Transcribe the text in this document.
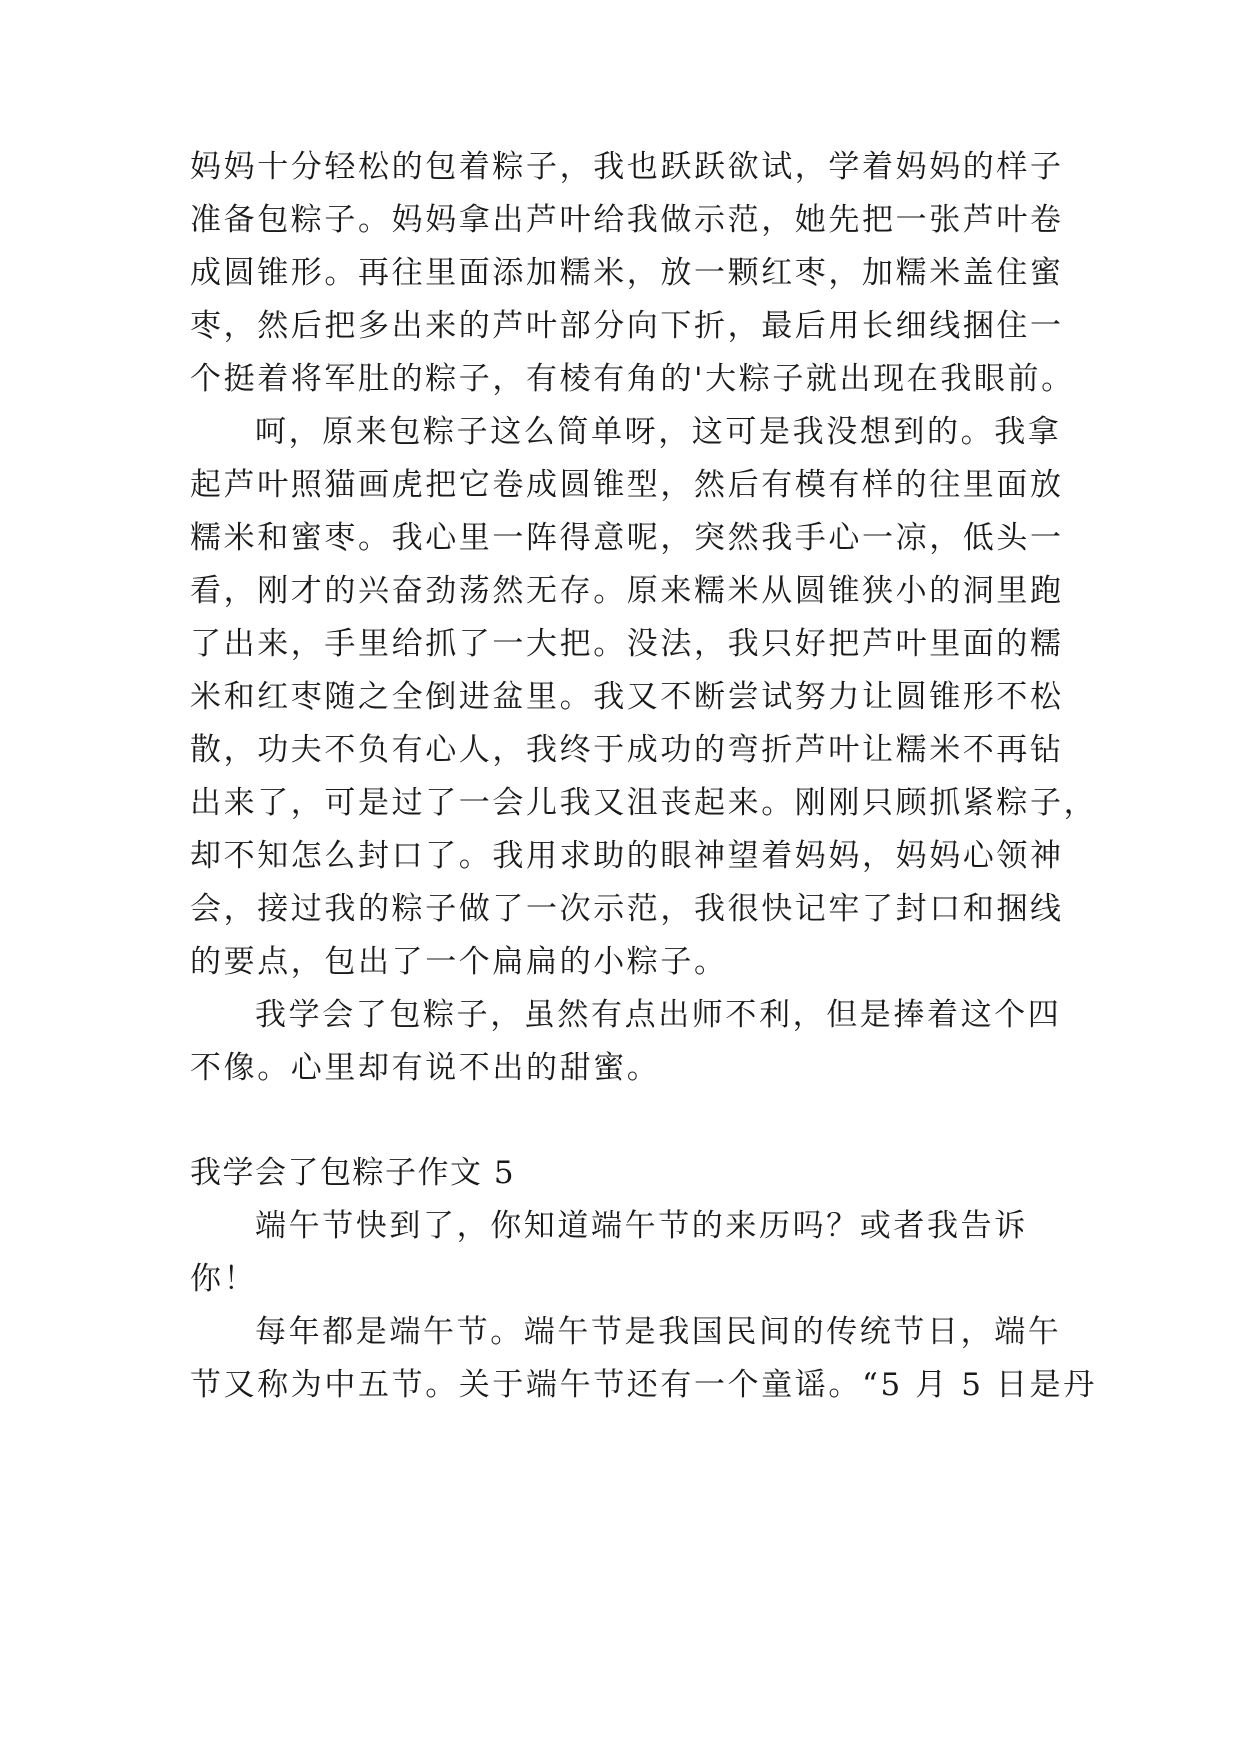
妈妈十分轻松的包着粽子，我也跃跃欲试，学着妈妈的样子
准备包粽子。妈妈拿出芦叶给我做示范，她先把一张芦叶卷
成圆锥形。再往里面添加糯米，放一颗红枣，加糯米盖住蜜
枣，然后把多出来的芦叶部分向下折，最后用长细线捆住一
个挺着将军肚的粽子，有棱有角的'大粽子就出现在我眼前。
呵，原来包粽子这么简单呀，这可是我没想到的。我拿
起芦叶照猫画虎把它卷成圆锥型，然后有模有样的往里面放
糯米和蜜枣。我心里一阵得意呢，突然我手心一凉，低头一
看，刚才的兴奋劲荡然无存。原来糯米从圆锥狭小的洞里跑
了出来，手里给抓了一大把。没法，我只好把芦叶里面的糯
米和红枣随之全倒进盆里。我又不断尝试努力让圆锥形不松
散，功夫不负有心人，我终于成功的弯折芦叶让糯米不再钻
出来了，可是过了一会儿我又沮丧起来。刚刚只顾抓紧粽子，
却不知怎么封口了。我用求助的眼神望着妈妈，妈妈心领神
会，接过我的粽子做了一次示范，我很快记牢了封口和捆线
的要点，包出了一个扁扁的小粽子。
我学会了包粽子，虽然有点出师不利，但是捧着这个四
不像。心里却有说不出的甜蜜。
我学会了包粽子作文 5
端午节快到了，你知道端午节的来历吗？或者我告诉
你！
每年都是端午节。端午节是我国民间的传统节日，端午
节又称为中五节。关于端午节还有一个童谣。“5 月 5 日是丹
